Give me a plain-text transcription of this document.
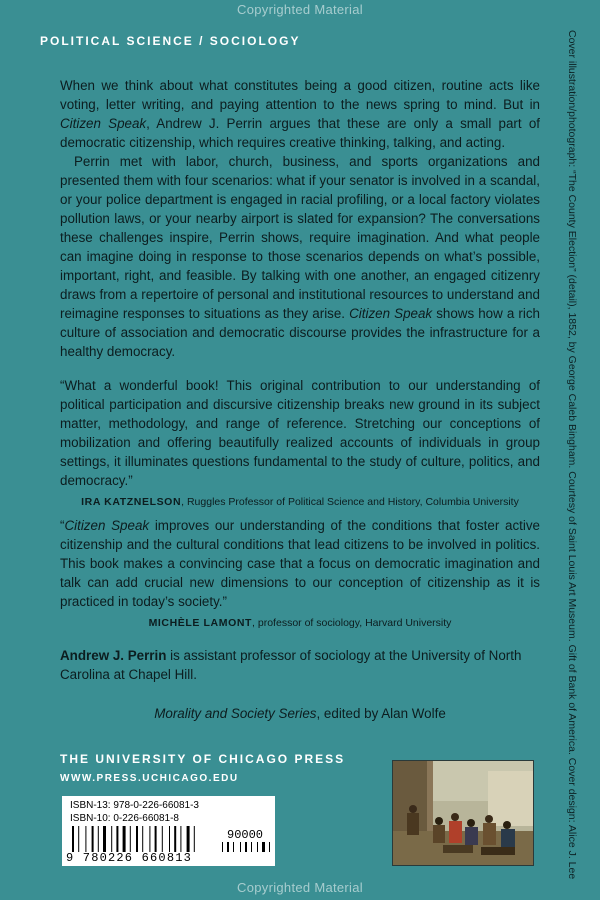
Copyrighted Material
POLITICAL SCIENCE / SOCIOLOGY	Cover illustration/photograph: “The County Election” (detail), 1852, by George Caleb Bingham. Courtesy of Saint Louis Art Museum. Gift of Bank of America. Cover design: Alice J. Lee

When we think about what constitutes being a good citizen, routine acts like voting, letter writing, and paying attention to the news spring to mind. But in Citizen Speak, Andrew J. Perrin argues that these are only a small part of democratic citizenship, which requires creative thinking, talking, and acting.

Perrin met with labor, church, business, and sports organizations and presented them with four scenarios: what if your senator is involved in a scandal, or your police department is engaged in racial profiling, or a local factory violates pollution laws, or your nearby airport is slated for expansion? The conversations these challenges inspire, Perrin shows, require imagination. And what people can imagine doing in response to those scenarios depends on what’s possible, important, right, and feasible. By talking with one another, an engaged citizenry draws from a repertoire of personal and institutional resources to understand and reimagine responses to situations as they arise. Citizen Speak shows how a rich culture of association and democratic discourse provides the infrastructure for a healthy democracy.

“What a wonderful book! This original contribution to our understanding of political participation and discursive citizenship breaks new ground in its subject matter, methodology, and range of reference. Stretching our conceptions of mobilization and offering beautifully realized accounts of individuals in group settings, it illuminates questions fundamental to the study of culture, politics, and democracy.”

IRA KATZNELSON, Ruggles Professor of Political Science and History, Columbia University

“Citizen Speak improves our understanding of the conditions that foster active citizenship and the cultural conditions that lead citizens to be involved in politics. This book makes a convincing case that a focus on democratic imagination and talk can add crucial new dimensions to our conception of citizenship as it is practiced in today’s society.”

MICHÈLE LAMONT, professor of sociology, Harvard University
Andrew J. Perrin is assistant professor of sociology at the University of North Carolina at Chapel Hill.
Morality and Society Series, edited by Alan Wolfe
THE UNIVERSITY OF CHICAGO PRESS
WWW.PRESS.UCHICAGO.EDU
ISBN-13: 978-0-226-66081-3
ISBN-10: 0-226-66081-8
90000
9 780226 660813
Copyrighted Material
